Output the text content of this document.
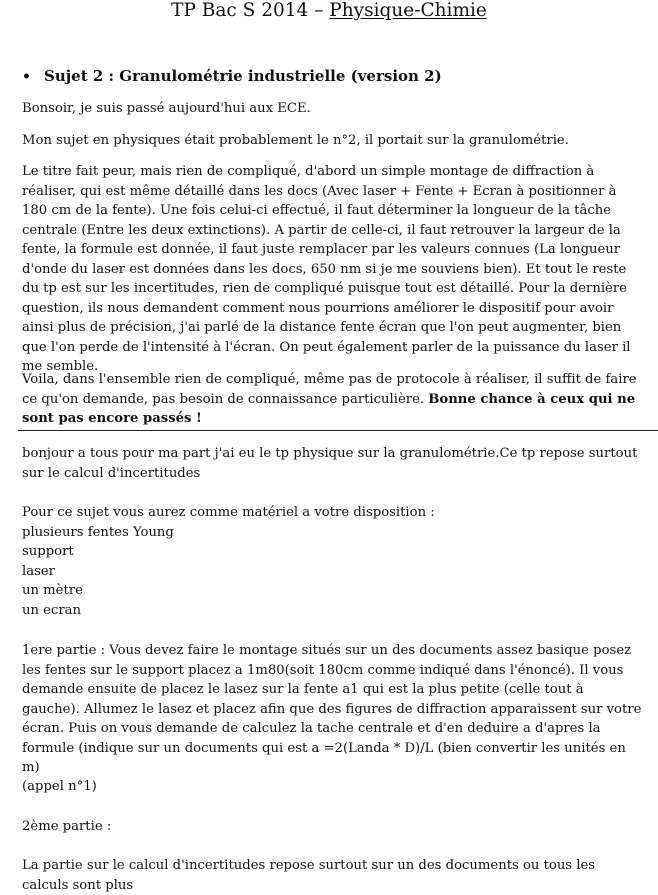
TP Bac S 2014 – Physique-Chimie
• Sujet 2 : Granulométrie industrielle (version 2)

Bonsoir, je suis passé aujourd'hui aux ECE.

Mon sujet en physiques était probablement le n°2, il portait sur la granulométrie.

Le titre fait peur, mais rien de compliqué, d'abord un simple montage de diffraction à réaliser, qui est même détaillé dans les docs (Avec laser + Fente + Ecran à positionner à 180 cm de la fente). Une fois celui-ci effectué, il faut déterminer la longueur de la tâche centrale (Entre les deux extinctions). A partir de celle-ci, il faut retrouver la largeur de la fente, la formule est donnée, il faut juste remplacer par les valeurs connues (La longueur d'onde du laser est données dans les docs, 650 nm si je me souviens bien). Et tout le reste du tp est sur les incertitudes, rien de compliqué puisque tout est détaillé. Pour la dernière question, ils nous demandent comment nous pourrions améliorer le dispositif pour avoir ainsi plus de précision, j'ai parlé de la distance fente écran que l'on peut augmenter, bien que l'on perde de l'intensité à l'écran. On peut également parler de la puissance du laser il me semble.

Voila, dans l'ensemble rien de compliqué, même pas de protocole à réaliser, il suffit de faire ce qu'on demande, pas besoin de connaissance particulière. Bonne chance à ceux qui ne sont pas encore passés !

bonjour a tous pour ma part j'ai eu le tp physique sur la granulométrie.Ce tp repose surtout sur le calcul d'incertitudes

Pour ce sujet vous aurez comme matériel a votre disposition :
plusieurs fentes Young
support
laser
un mètre
un ecran

1ere partie : Vous devez faire le montage situés sur un des documents assez basique posez les fentes sur le support placez a 1m80(soit 180cm comme indiqué dans l'énoncé). Il vous demande ensuite de placez le lasez sur la fente a1 qui est la plus petite (celle tout à gauche). Allumez le lasez et placez afin que des figures de diffraction apparaissent sur votre écran. Puis on vous demande de calculez la tache centrale et d'en deduire a d'apres la formule (indique sur un documents qui est a =2(Landa * D)/L (bien convertir les unités en m)

(appel n°1)

2ème partie :

La partie sur le calcul d'incertitudes repose surtout sur un des documents ou tous les calculs sont plus
